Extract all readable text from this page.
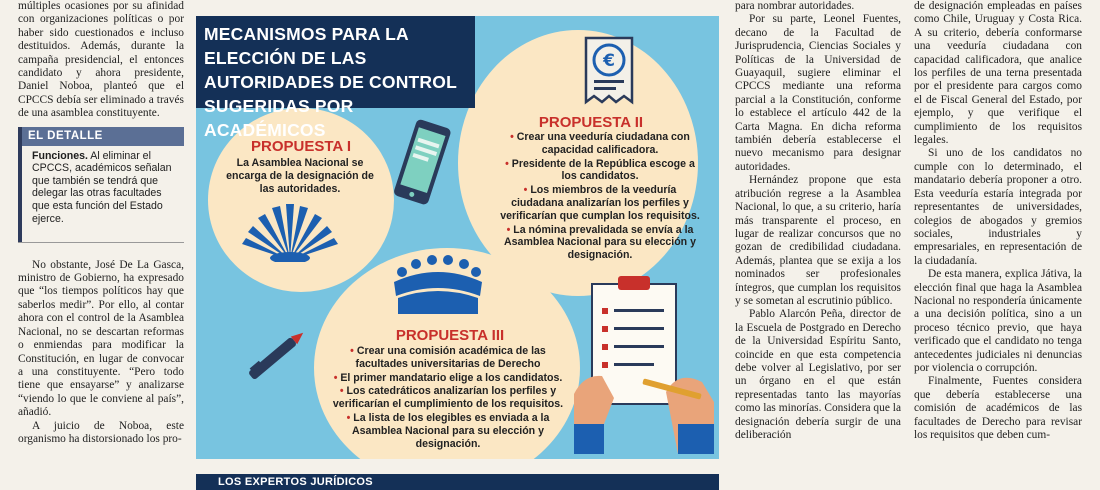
múltiples ocasiones por su afinidad con organizaciones políticas o por haber sido cuestionados e incluso destituidos. Además, durante la campaña presidencial, el entonces candidato y ahora presidente, Daniel Noboa, planteó que el CPCCS debía ser eliminado a través de una asamblea constituyente.

EL DETALLE
Funciones. Al eliminar el CPCCS, académicos señalan que también se tendrá que delegar las otras facultades que esta función del Estado ejerce.

No obstante, José De La Gasca, ministro de Gobierno, ha expresado que “los tiempos políticos hay que saberlos medir”. Por ello, al contar ahora con el control de la Asamblea Nacional, no se descartan reformas o enmiendas para modificar la Constitución, en lugar de convocar a una constituyente. “Pero todo tiene que ensayarse” y analizarse “viendo lo que le conviene al país”, añadió.

A juicio de Noboa, este organismo ha distorsionado los pro-

MECANISMOS PARA LA ELECCIÓN DE LAS AUTORIDADES DE CONTROL SUGERIDAS POR ACADÉMICOS
€
PROPUESTA I
La Asamblea Nacional se encarga de la designación de las autoridades.
PROPUESTA II
• Crear una veeduría ciudadana con capacidad calificadora.
• Presidente de la República escoge a los candidatos.
• Los miembros de la veeduría ciudadana analizarían los perfiles y verificarían que cumplan los requisitos.
• La nómina prevalidada se envía a la Asamblea Nacional para su elección y designación.
PROPUESTA III
• Crear una comisión académica de las facultades universitarias de Derecho
• El primer mandatario elige a los candidatos.
• Los catedráticos analizarían los perfiles y verificarían el cumplimiento de los requisitos.
• La lista de los elegibles es enviada a la Asamblea Nacional para su elección y designación.
LOS EXPERTOS JURÍDICOS

para nombrar autoridades.

Por su parte, Leonel Fuentes, decano de la Facultad de Jurisprudencia, Ciencias Sociales y Políticas de la Universidad de Guayaquil, sugiere eliminar el CPCCS mediante una reforma parcial a la Constitución, conforme lo establece el artículo 442 de la Carta Magna. En dicha reforma también debería establecerse el nuevo mecanismo para designar autoridades.

Hernández propone que esta atribución regrese a la Asamblea Nacional, lo que, a su criterio, haría más transparente el proceso, en lugar de realizar concursos que no gozan de credibilidad ciudadana. Además, plantea que se exija a los nominados ser profesionales íntegros, que cumplan los requisitos y se sometan al escrutinio público.

Pablo Alarcón Peña, director de la Escuela de Postgrado en Derecho de la Universidad Espíritu Santo, coincide en que esta competencia debe volver al Legislativo, por ser un órgano en el que están representadas tanto las mayorías como las minorías. Considera que la designación debería surgir de una deliberación

de designación empleadas en países como Chile, Uruguay y Costa Rica. A su criterio, debería conformarse una veeduría ciudadana con capacidad calificadora, que analice los perfiles de una terna presentada por el presidente para cargos como el de Fiscal General del Estado, por ejemplo, y que verifique el cumplimiento de los requisitos legales.

Si uno de los candidatos no cumple con lo determinado, el mandatario debería proponer a otro. Esta veeduría estaría integrada por representantes de universidades, colegios de abogados y gremios sociales, industriales y empresariales, en representación de la ciudadanía.

De esta manera, explica Játiva, la elección final que haga la Asamblea Nacional no respondería únicamente a una decisión política, sino a un proceso técnico previo, que haya verificado que el candidato no tenga antecedentes judiciales ni denuncias por violencia o corrupción.

Finalmente, Fuentes considera que debería establecerse una comisión de académicos de las facultades de Derecho para revisar los requisitos que deben cum-
